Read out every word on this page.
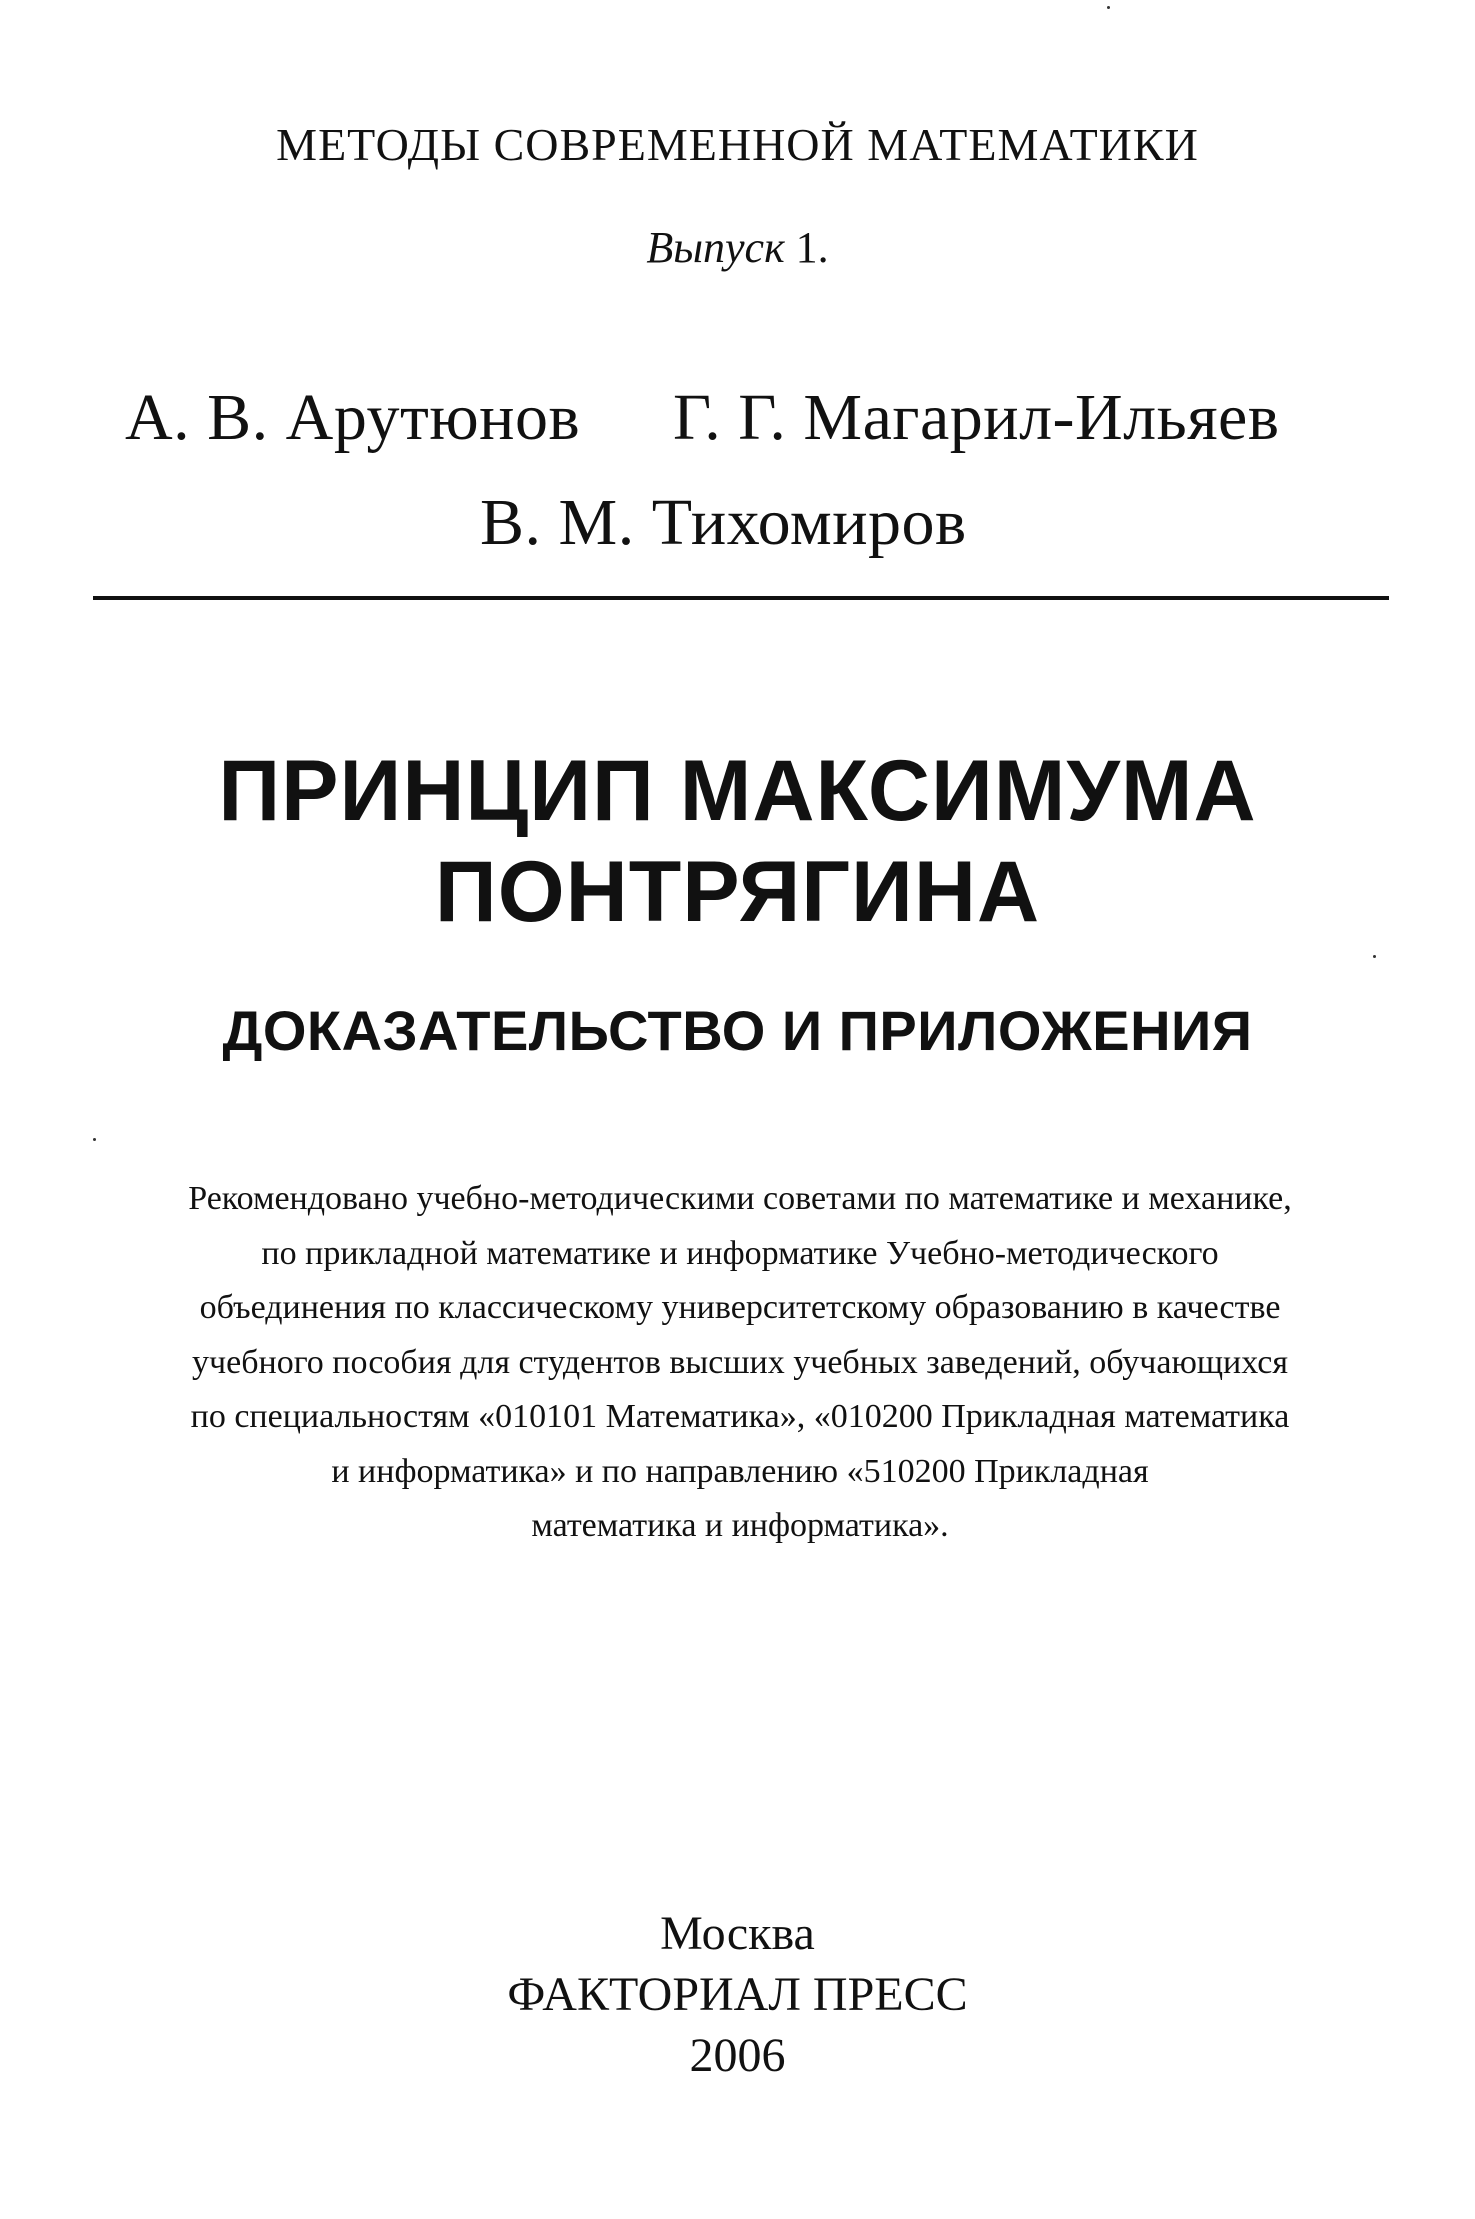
МЕТОДЫ СОВРЕМЕННОЙ МАТЕМАТИКИ
Выпуск 1.
А. В. Арутюнов Г. Г. Магарил-Ильяев
В. М. Тихомиров
ПРИНЦИП МАКСИМУМА
ПОНТРЯГИНА
ДОКАЗАТЕЛЬСТВО И ПРИЛОЖЕНИЯ
Рекомендовано учебно-методическими советами по математике и механике,
по прикладной математике и информатике Учебно-методического
объединения по классическому университетскому образованию в качестве
учебного пособия для студентов высших учебных заведений, обучающихся
по специальностям «010101 Математика», «010200 Прикладная математика
и информатика» и по направлению «510200 Прикладная
математика и информатика».
Москва
ФАКТОРИАЛ ПРЕСС
2006
